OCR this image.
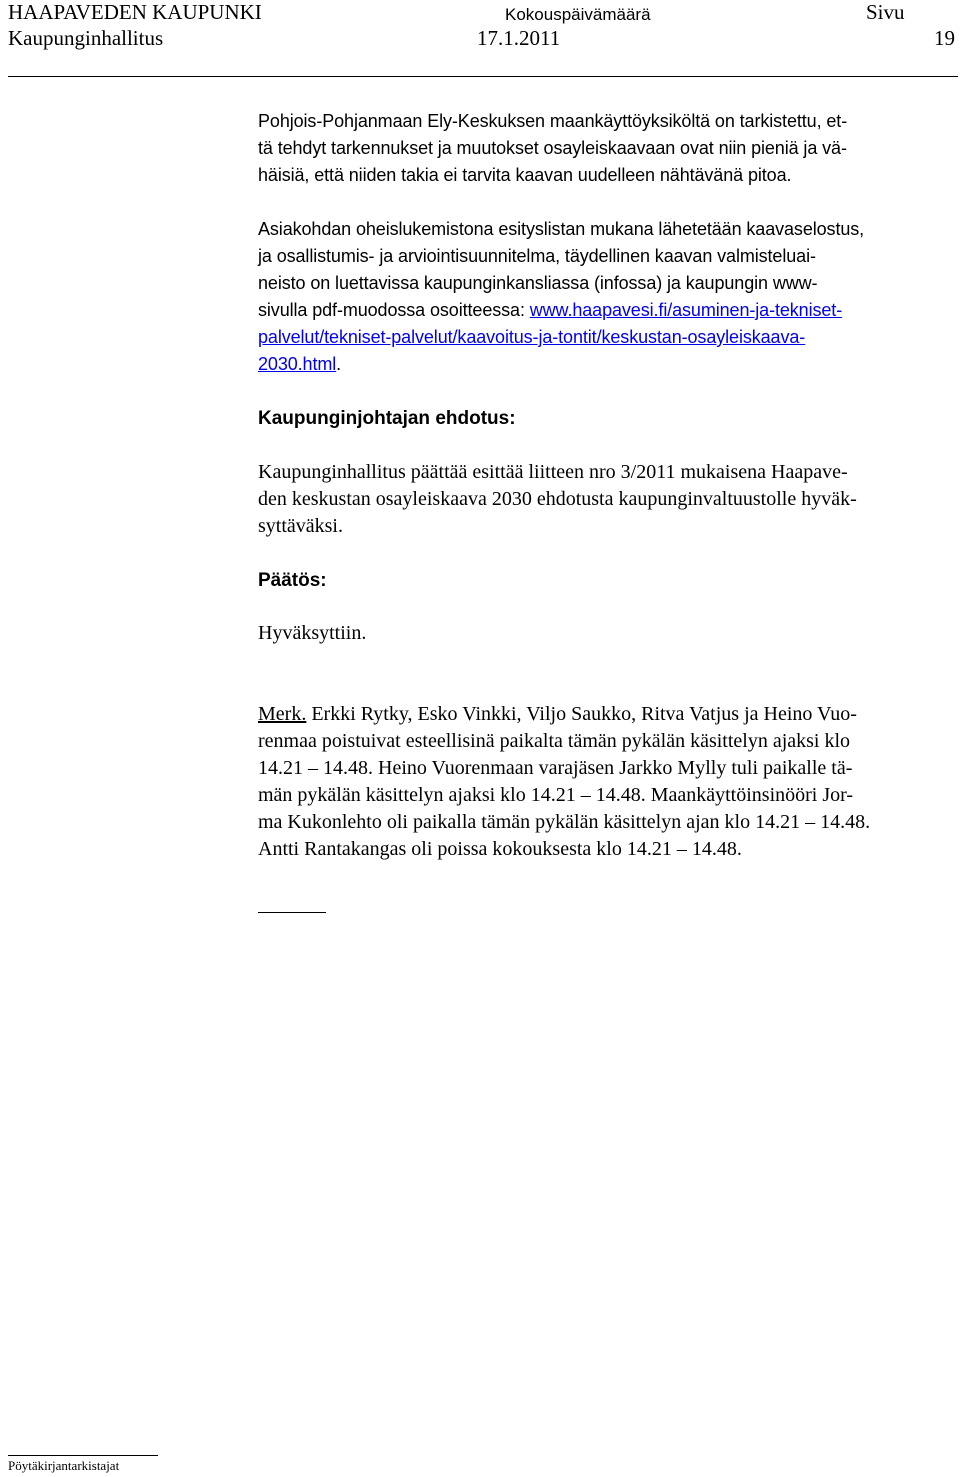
HAAPAVEDEN KAUPUNKI
Kaupunginhallitus
Kokouspäivämäärä
17.1.2011
Sivu
19

Pohjois-Pohjanmaan Ely-Keskuksen maankäyttöyksiköltä on tarkistettu, et-
tä tehdyt tarkennukset ja muutokset osayleiskaavaan ovat niin pieniä ja vä-
häisiä, että niiden takia ei tarvita kaavan uudelleen nähtävänä pitoa.

Asiakohdan oheislukemistona esityslistan mukana lähetetään kaavaselostus,
ja osallistumis- ja arviointisuunnitelma, täydellinen kaavan valmisteluai-
neisto on luettavissa kaupunginkansliassa (infossa) ja kaupungin www-
sivulla pdf-muodossa osoitteessa: www.haapavesi.fi/asuminen-ja-tekniset-
palvelut/tekniset-palvelut/kaavoitus-ja-tontit/keskustan-osayleiskaava-
2030.html.

Kaupunginjohtajan ehdotus:

Kaupunginhallitus päättää esittää liitteen nro 3/2011 mukaisena Haapave-
den keskustan osayleiskaava 2030 ehdotusta kaupunginvaltuustolle hyväk-
syttäväksi.

Päätös:

Hyväksyttiin.

Merk. Erkki Rytky, Esko Vinkki, Viljo Saukko, Ritva Vatjus ja Heino Vuo-
renmaa poistuivat esteellisinä paikalta tämän pykälän käsittelyn ajaksi klo
14.21 – 14.48. Heino Vuorenmaan varajäsen Jarkko Mylly tuli paikalle tä-
män pykälän käsittelyn ajaksi klo 14.21 – 14.48. Maankäyttöinsinööri Jor-
ma Kukonlehto oli paikalla tämän pykälän käsittelyn ajan klo 14.21 – 14.48.
Antti Rantakangas oli poissa kokouksesta klo 14.21 – 14.48.

Pöytäkirjantarkistajat
